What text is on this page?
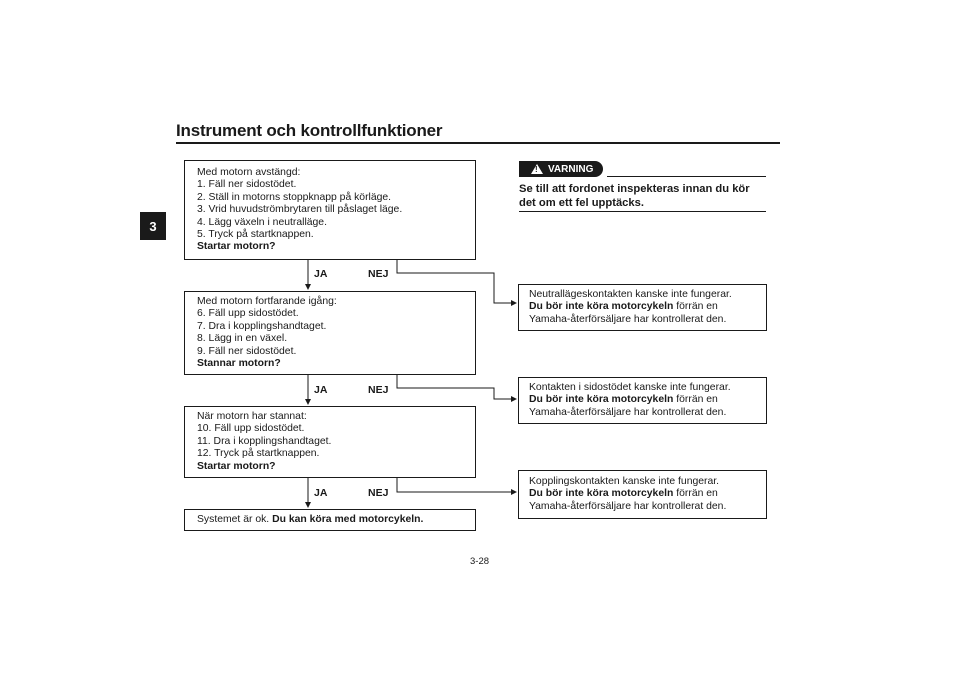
Instrument och kontrollfunktioner
3
Med motorn avstängd:
1. Fäll ner sidostödet.
2. Ställ in motorns stoppknapp på körläge.
3. Vrid huvudströmbrytaren till påslaget läge.
4. Lägg växeln i neutralläge.
5. Tryck på startknappen.
Startar motorn?
JA	NEJ
Med motorn fortfarande igång:
6. Fäll upp sidostödet.
7. Dra i kopplingshandtaget.
8. Lägg in en växel.
9. Fäll ner sidostödet.
Stannar motorn?
JA	NEJ
När motorn har stannat:
10. Fäll upp sidostödet.
11. Dra i kopplingshandtaget.
12. Tryck på startknappen.
Startar motorn?
JA	NEJ
Systemet är ok. Du kan köra med motorcykeln.
! VARNING
Se till att fordonet inspekteras innan du kör det om ett fel upptäcks.
Neutrallägeskontakten kanske inte fungerar.
Du bör inte köra motorcykeln förrän en
Yamaha-återförsäljare har kontrollerat den.
Kontakten i sidostödet kanske inte fungerar.
Du bör inte köra motorcykeln förrän en
Yamaha-återförsäljare har kontrollerat den.
Kopplingskontakten kanske inte fungerar.
Du bör inte köra motorcykeln förrän en
Yamaha-återförsäljare har kontrollerat den.
3-28
